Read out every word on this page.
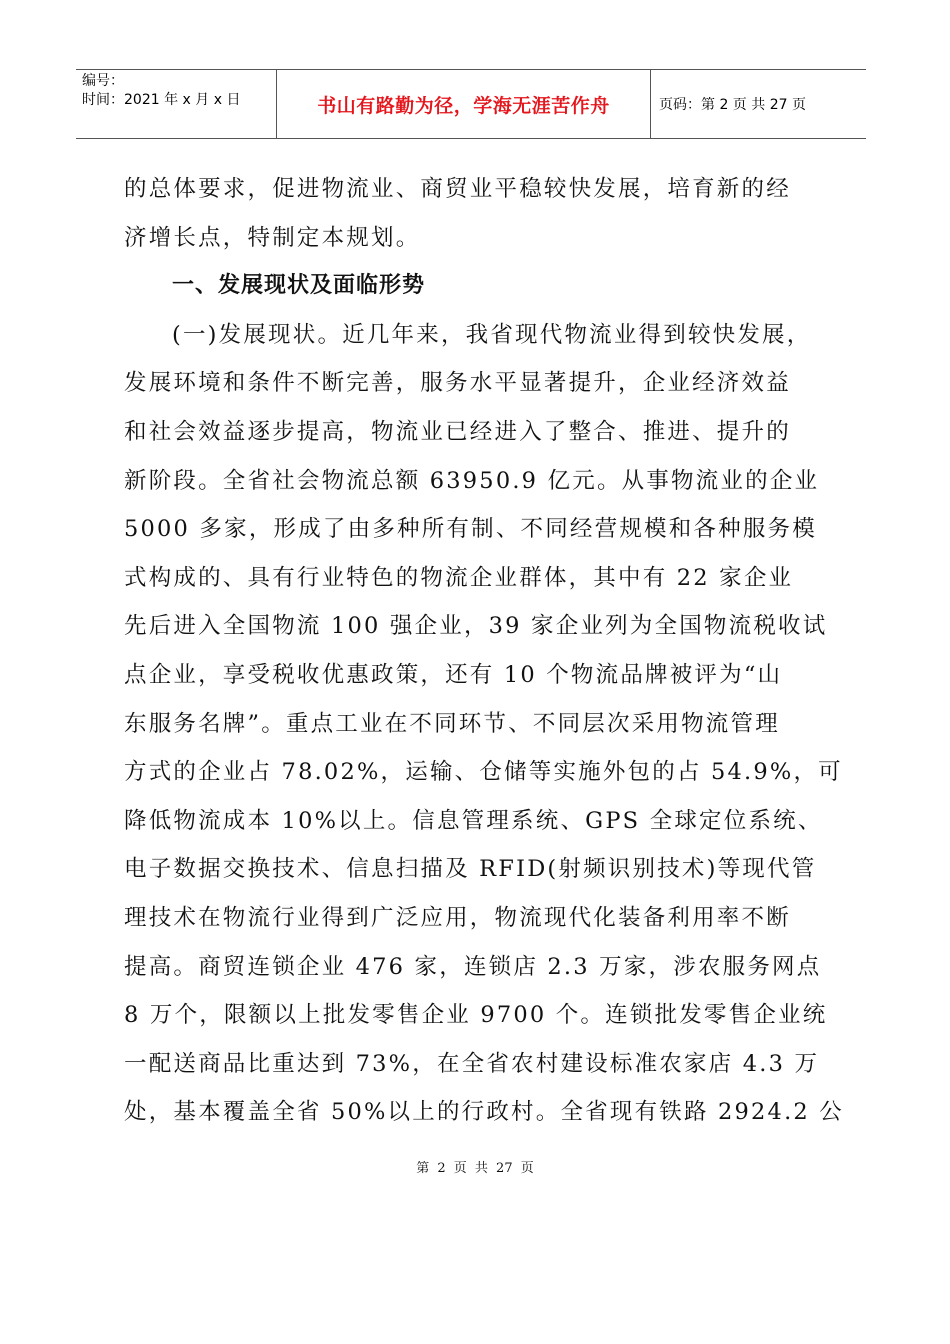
编号：
时间：2021 年 x 月 x 日	书山有路勤为径，学海无涯苦作舟	页码：第 2 页 共 27 页
的总体要求，促进物流业、商贸业平稳较快发展，培育新的经
济增长点，特制定本规划。
一、发展现状及面临形势
(一)发展现状。近几年来，我省现代物流业得到较快发展，
发展环境和条件不断完善，服务水平显著提升，企业经济效益
和社会效益逐步提高，物流业已经进入了整合、推进、提升的
新阶段。全省社会物流总额 63950.9 亿元。从事物流业的企业
5000 多家，形成了由多种所有制、不同经营规模和各种服务模
式构成的、具有行业特色的物流企业群体，其中有 22 家企业
先后进入全国物流 100 强企业，39 家企业列为全国物流税收试
点企业，享受税收优惠政策，还有 10 个物流品牌被评为“山
东服务名牌”。重点工业在不同环节、不同层次采用物流管理
方式的企业占 78.02%，运输、仓储等实施外包的占 54.9%，可
降低物流成本 10%以上。信息管理系统、GPS 全球定位系统、
电子数据交换技术、信息扫描及 RFID(射频识别技术)等现代管
理技术在物流行业得到广泛应用，物流现代化装备利用率不断
提高。商贸连锁企业 476 家，连锁店 2.3 万家，涉农服务网点
8 万个，限额以上批发零售企业 9700 个。连锁批发零售企业统
一配送商品比重达到 73%，在全省农村建设标准农家店 4.3 万
处，基本覆盖全省 50%以上的行政村。全省现有铁路 2924.2 公
第 2 页 共 27 页
